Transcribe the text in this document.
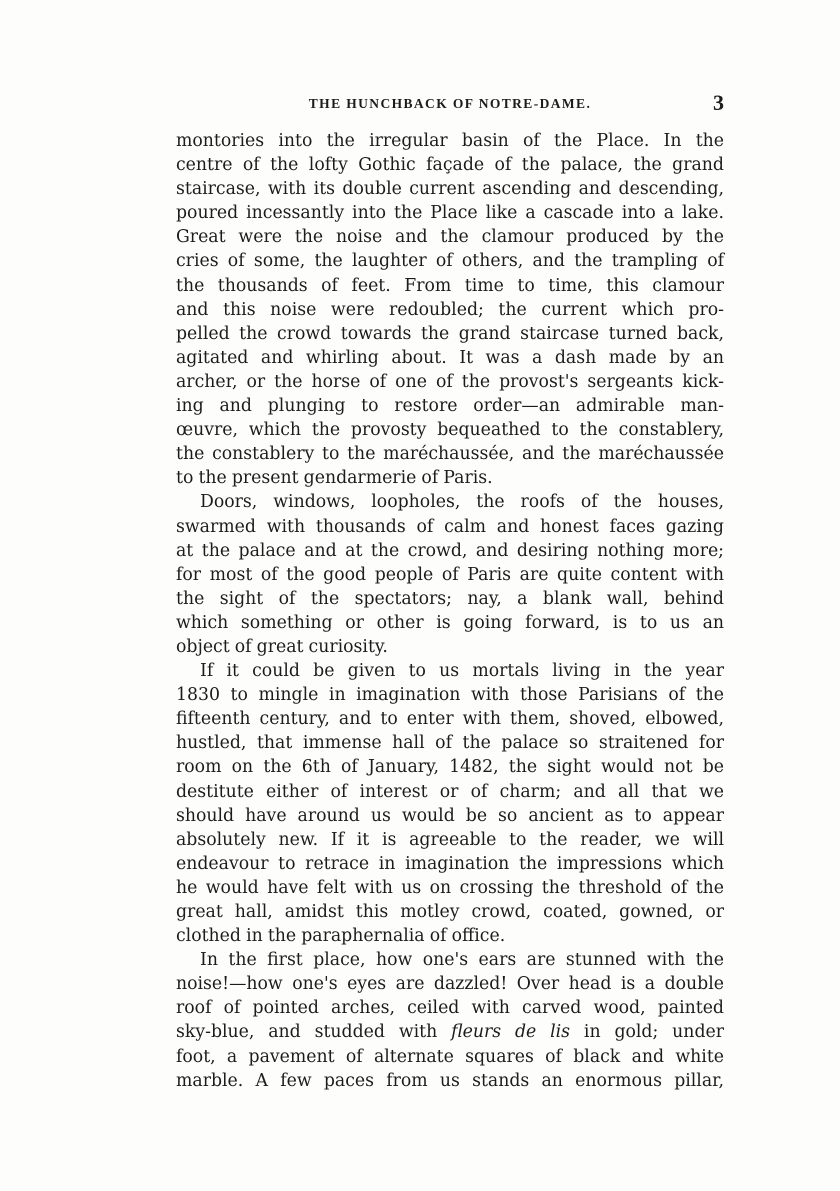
THE HUNCHBACK OF NOTRE-DAME.	3

montories into the irregular basin of the Place. In the

centre of the lofty Gothic façade of the palace, the grand

staircase, with its double current ascending and descending,

poured incessantly into the Place like a cascade into a lake.

Great were the noise and the clamour produced by the

cries of some, the laughter of others, and the trampling of

the thousands of feet. From time to time, this clamour

and this noise were redoubled; the current which pro-

pelled the crowd towards the grand staircase turned back,

agitated and whirling about. It was a dash made by an

archer, or the horse of one of the provost's sergeants kick-

ing and plunging to restore order—an admirable man-

œuvre, which the provosty bequeathed to the constablery,

the constablery to the maréchaussée, and the maréchaussée

to the present gendarmerie of Paris.

Doors, windows, loopholes, the roofs of the houses,

swarmed with thousands of calm and honest faces gazing

at the palace and at the crowd, and desiring nothing more;

for most of the good people of Paris are quite content with

the sight of the spectators; nay, a blank wall, behind

which something or other is going forward, is to us an

object of great curiosity.

If it could be given to us mortals living in the year

1830 to mingle in imagination with those Parisians of the

fifteenth century, and to enter with them, shoved, elbowed,

hustled, that immense hall of the palace so straitened for

room on the 6th of January, 1482, the sight would not be

destitute either of interest or of charm; and all that we

should have around us would be so ancient as to appear

absolutely new. If it is agreeable to the reader, we will

endeavour to retrace in imagination the impressions which

he would have felt with us on crossing the threshold of the

great hall, amidst this motley crowd, coated, gowned, or

clothed in the paraphernalia of office.

In the first place, how one's ears are stunned with the

noise!—how one's eyes are dazzled! Over head is a double

roof of pointed arches, ceiled with carved wood, painted

sky-blue, and studded with fleurs de lis in gold; under

foot, a pavement of alternate squares of black and white

marble. A few paces from us stands an enormous pillar,
